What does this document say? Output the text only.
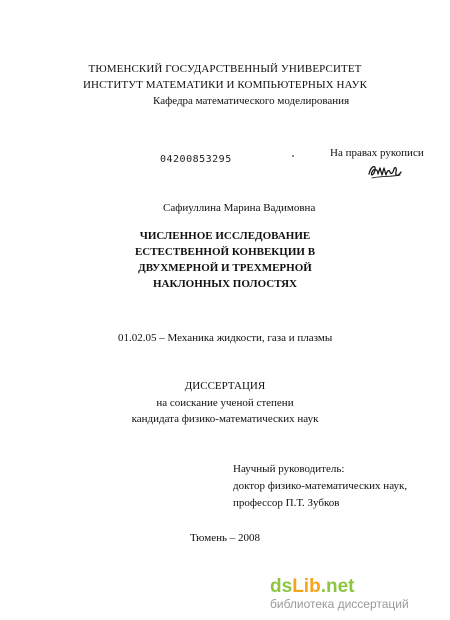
ТЮМЕНСКИЙ ГОСУДАРСТВЕННЫЙ УНИВЕРСИТЕТ
ИНСТИТУТ МАТЕМАТИКИ И КОМПЬЮТЕРНЫХ НАУК
Кафедра математического моделирования
04200853295
На правах рукописи
Сафиуллина Марина Вадимовна
ЧИСЛЕННОЕ ИССЛЕДОВАНИЕ
ЕСТЕСТВЕННОЙ КОНВЕКЦИИ В
ДВУХМЕРНОЙ И ТРЕХМЕРНОЙ
НАКЛОННЫХ ПОЛОСТЯХ
01.02.05 – Механика жидкости, газа и плазмы
ДИССЕРТАЦИЯ
на соискание ученой степени
кандидата физико-математических наук
Научный руководитель:
доктор физико-математических наук,
профессор П.Т. Зубков
Тюмень – 2008
dsLib.net
библиотека диссертаций
